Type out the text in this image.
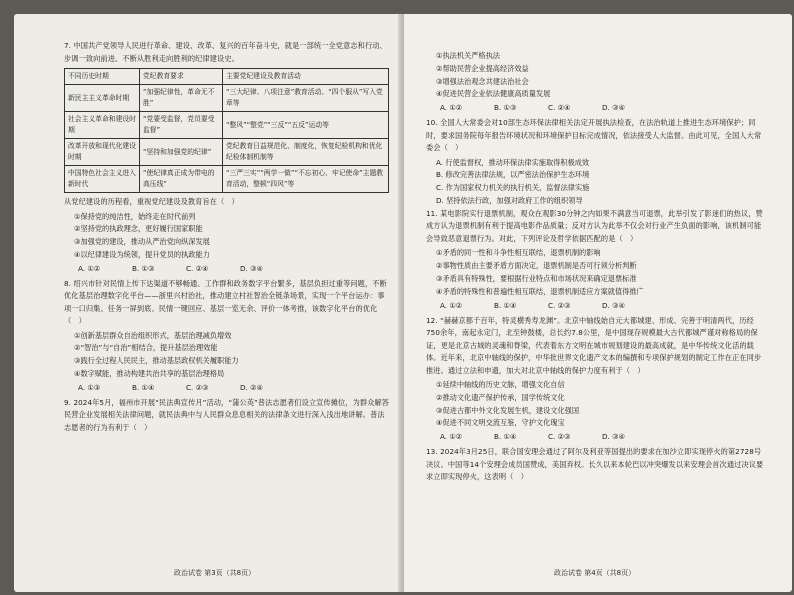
7. 中国共产党领导人民进行革命、建设、改革、复兴的百年奋斗史，就是一部统一全党意志和行动、步调一致向前进、不断从胜利走向胜利的纪律建设史。

不同历史时期	党纪教育要求	主要党纪建设及教育活动
新民主主义革命时期	“加强纪律性，革命无不胜”	“三大纪律、八项注意”教育活动、“四个服从”写入党章等
社会主义革命和建设时期	“党要受监督，党员要受监督”	“整风”“整党”“三反”“五反”运动等
改革开放和现代化建设时期	“坚持和加强党的纪律”	党纪教育日益规范化、制度化，恢复纪检机构和优化纪检体制机制等
中国特色社会主义进入新时代	“使纪律真正成为带电的高压线”	“三严三实”“两学一做”“不忘初心、牢记使命”主题教育活动，整顿“四风”等

从党纪建设的历程看，重视党纪建设及教育旨在（　）

①保持党的纯洁性，始终走在时代前列

②坚持党的执政理念，更好履行国家职能

③加强党的建设，推动从严治党向纵深发展

④以纪律建设为统领，提升党员的执政能力

A. ①②	B. ①③	C. ②④	D. ③④

8. 绍兴市针对民情上传下达渠道不够畅通、工作群和政务数字平台繁多，基层负担过重等问题，不断优化基层治理数字化平台——浙里兴村治社，推动建立村社智治全链条场景，实现一个平台运办：事项一口归集、任务一屏到底、民情一键回应、基层一览无余、评价一体考推，该数字化平台的优化（　）

①创新基层群众自治组织形式，基层治理减负增效

②“智治”与“自治”相结合，提升基层治理效能

③践行全过程人民民主，推动基层政权机关履职能力

④数字赋能，推动构建共治共享的基层治理格局

A. ①③	B. ①④	C. ②③	D. ②④

9. 2024年5月，福州市开展“民法典宣传月”活动，“蒲公英”普法志愿者们设立宣传摊位，为群众解答民营企业发展相关法律问题，就民法典中与人民群众息息相关的法律条文进行深入浅出地讲解。普法志愿者的行为有利于（　）

政治试卷 第3页（共8页）

①执法机关严格执法

②帮助民营企业提高经济效益

③增强法治观念共建法治社会

④促进民营企业依法健康高质量发展

A. ①②	B. ①③	C. ②④	D. ③④

10. 全国人大常委会对10部生态环保法律相关法定开展执法检查，在法治轨道上推进生态环境保护；同时，要求国务院每年报告环境状况和环境保护目标完成情况，依法接受人大监督。由此可见，全国人大常委会（　）

A. 行使监督权，推动环保法律实施取得积极成效

B. 修改完善法律法规，以严密法治保护生态环境

C. 作为国家权力机关的执行机关，监督法律实施

D. 坚持依法行政，加强对政府工作的组织领导

11. 某电影院实行退票机制，观众在观影30分钟之内如果不满意当可退票，此举引发了影迷们的热议，赞成方认为退票机制有利于提高电影作品质量；反对方认为此举不仅会对行业产生负面的影响，该机制可能会导致恶意退票行为。对此，下列评论及哲学依据匹配的是（　）

①矛盾的同一性和斗争性相互联结，退票机制的影响

②事物性质由主要矛盾方面决定，退票机制是否可行须分析判断

③矛盾具有特殊性，要根据行业特点和市场状况来确定退票标准

④矛盾的特殊性和普遍性相互联结，退票机制适应方案就值得推广

A. ①②	B. ①④	C. ②③	D. ③④

12. “赫赫京都千百年，特灵横秀寿龙渊”。北京中轴线始自元大都城建、形成、完善于明清两代，历经750余年，南起永定门，北至钟鼓楼，总长约7.8公里，是中国现存规模最大古代都城严谨对称格局的保证，更是北京古城的灵魂和脊梁，代表着东方文明在城市规划建设的最高成就，是中华传统文化活的载体。近年来，北京中轴线的保护，中华批世界文化遗产文本的编撰和专项保护规划的制定工作在正在同步推进。通过立法和申遗，加大对北京中轴线的保护力度有利于（　）

①延续中轴线的历史文脉，增强文化自信

②推动文化遗产保护传承，国学传统文化

③促进古都中外文化发展生机，建设文化强国

④促进不同文明交流互鉴，守护文化瑰宝

A. ①②	B. ①④	C. ②③	D. ③④

13. 2024年3月25日，联合国安理会通过了阿尔及利亚等国提出的要求在加沙立即实现停火的第2728号决议。中国等14个安理会成员国赞成，美国弃权。长久以来本轮巴以冲突爆发以来安理会首次通过决议要求立即实现停火，这表明（　）

政治试卷 第4页（共8页）
